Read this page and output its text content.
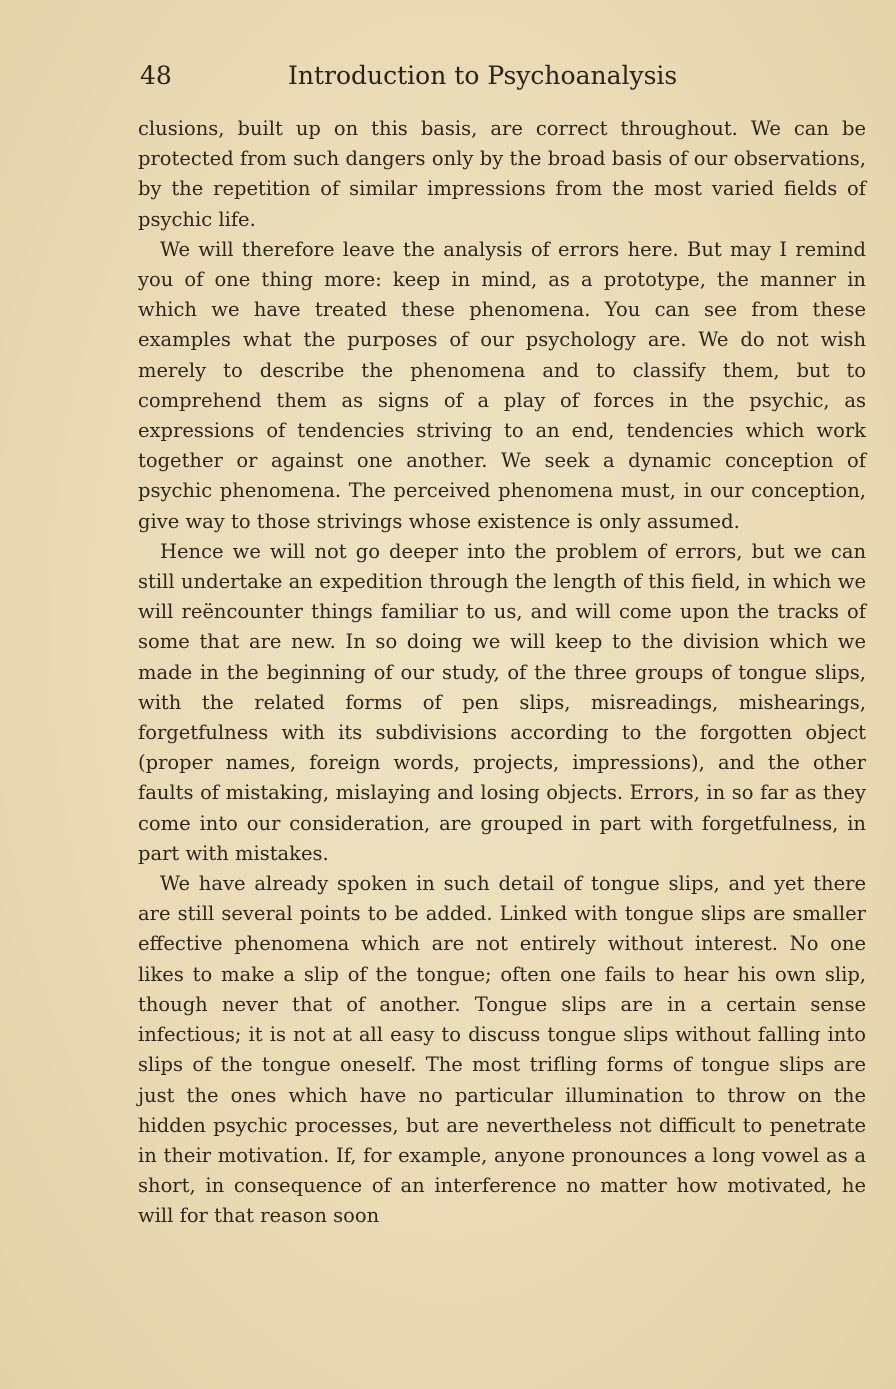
48	Introduction to Psychoanalysis

clusions, built up on this basis, are correct throughout. We can be protected from such dangers only by the broad basis of our observations, by the repetition of similar impressions from the most varied fields of psychic life.

We will therefore leave the analysis of errors here. But may I remind you of one thing more: keep in mind, as a prototype, the manner in which we have treated these phenomena. You can see from these examples what the purposes of our psychology are. We do not wish merely to describe the phenomena and to classify them, but to comprehend them as signs of a play of forces in the psychic, as expressions of tendencies striving to an end, tendencies which work together or against one another. We seek a dynamic conception of psychic phenomena. The perceived phenomena must, in our conception, give way to those strivings whose existence is only assumed.

Hence we will not go deeper into the problem of errors, but we can still undertake an expedition through the length of this field, in which we will reëncounter things familiar to us, and will come upon the tracks of some that are new. In so doing we will keep to the division which we made in the beginning of our study, of the three groups of tongue slips, with the related forms of pen slips, misreadings, mishearings, forgetfulness with its subdivisions according to the forgotten object (proper names, foreign words, projects, impressions), and the other faults of mistaking, mislaying and losing objects. Errors, in so far as they come into our consideration, are grouped in part with forgetfulness, in part with mistakes.

We have already spoken in such detail of tongue slips, and yet there are still several points to be added. Linked with tongue slips are smaller effective phenomena which are not entirely without interest. No one likes to make a slip of the tongue; often one fails to hear his own slip, though never that of another. Tongue slips are in a certain sense infectious; it is not at all easy to discuss tongue slips without falling into slips of the tongue oneself. The most trifling forms of tongue slips are just the ones which have no particular illumination to throw on the hidden psychic processes, but are nevertheless not difficult to penetrate in their motivation. If, for example, anyone pronounces a long vowel as a short, in consequence of an interference no matter how motivated, he will for that reason soon
